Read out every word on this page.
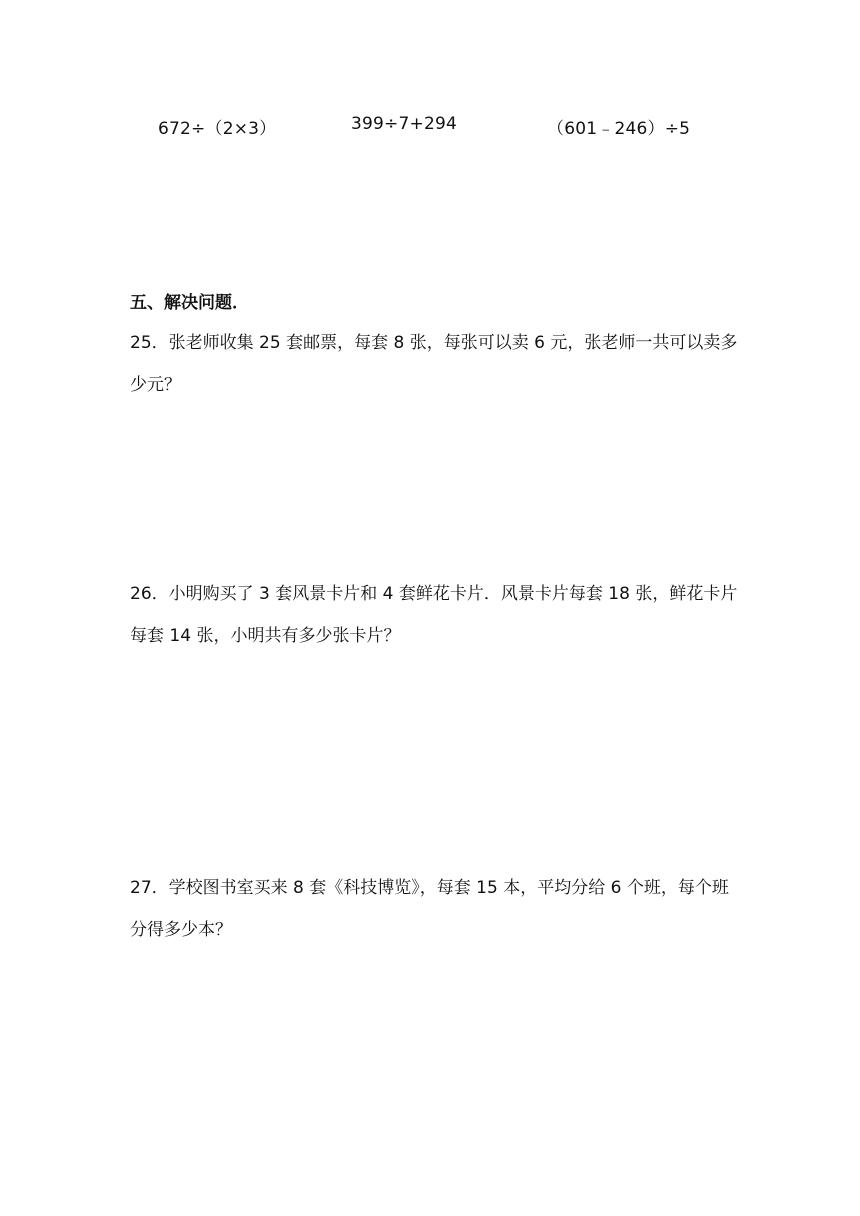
672÷（2×3）	399÷7+294	（601﹣246）÷5
五、解决问题．
25．张老师收集 25 套邮票，每套 8 张，每张可以卖 6 元，张老师一共可以卖多
少元？
26．小明购买了 3 套风景卡片和 4 套鲜花卡片．风景卡片每套 18 张，鲜花卡片
每套 14 张，小明共有多少张卡片？
27．学校图书室买来 8 套《科技博览》，每套 15 本，平均分给 6 个班，每个班
分得多少本？
